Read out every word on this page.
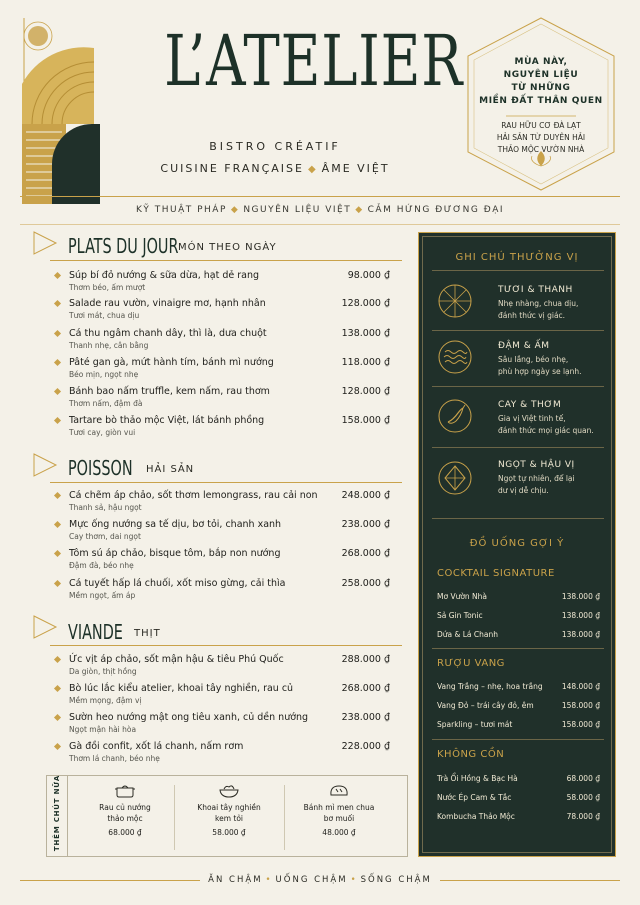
L’ATELIER
BISTRO CRÉATIF
CUISINE FRANÇAISE ◆ ÂME VIỆT
MÙA NÀY,
NGUYÊN LIỆU
TỪ NHỮNG
MIỀN ĐẤT THÂN QUEN
RAU HỮU CƠ ĐÀ LẠT
HẢI SẢN TỪ DUYÊN HẢI
THẢO MỘC VƯỜN NHÀ
KỸ THUẬT PHÁP ◆ NGUYÊN LIỆU VIỆT ◆ CẢM HỨNG ĐƯƠNG ĐẠI
PLATS DU JOUR MÓN THEO NGÀY
Súp bí đỏ nướng & sữa dừa, hạt dẻ rang
Thơm béo, ấm mượt
98.000 ₫
Salade rau vườn, vinaigre mơ, hạnh nhân
Tươi mát, chua dịu
128.000 ₫
Cá thu ngâm chanh dây, thì là, dưa chuột
Thanh nhẹ, cân bằng
138.000 ₫
Pâté gan gà, mứt hành tím, bánh mì nướng
Béo mịn, ngọt nhẹ
118.000 ₫
Bánh bao nấm truffle, kem nấm, rau thơm
Thơm nấm, đậm đà
128.000 ₫
Tartare bò thảo mộc Việt, lát bánh phồng
Tươi cay, giòn vui
158.000 ₫
POISSON HẢI SẢN
Cá chẽm áp chảo, sốt thơm lemongrass, rau cải non
Thanh sả, hậu ngọt
248.000 ₫
Mực ống nướng sa tế dịu, bơ tỏi, chanh xanh
Cay thơm, dai ngọt
238.000 ₫
Tôm sú áp chảo, bisque tôm, bắp non nướng
Đậm đà, béo nhẹ
268.000 ₫
Cá tuyết hấp lá chuối, xốt miso gừng, cải thìa
Mềm ngọt, ấm áp
258.000 ₫
VIANDE THỊT
Ức vịt áp chảo, sốt mận hậu & tiêu Phú Quốc
Da giòn, thịt hồng
288.000 ₫
Bò lúc lắc kiểu atelier, khoai tây nghiền, rau củ
Mềm mọng, đậm vị
268.000 ₫
Sườn heo nướng mật ong tiêu xanh, củ dền nướng
Ngọt mận hài hòa
238.000 ₫
Gà đồi confit, xốt lá chanh, nấm rơm
Thơm lá chanh, béo nhẹ
228.000 ₫
THÊM CHÚT NỮA	Rau củ nướng
thảo mộc
68.000 ₫
Khoai tây nghiền
kem tỏi
58.000 ₫
Bánh mì men chua
bơ muối
48.000 ₫
ĂN CHẬM • UỐNG CHẬM • SỐNG CHẬM
GHI CHÚ THƯỞNG VỊ
TƯƠI & THANH
Nhẹ nhàng, chua dịu,
đánh thức vị giác.
ĐẬM & ẤM
Sâu lắng, béo nhẹ,
phù hợp ngày se lạnh.
CAY & THƠM
Gia vị Việt tinh tế,
đánh thức mọi giác quan.
NGỌT & HẬU VỊ
Ngọt tự nhiên, để lại
dư vị dễ chịu.
ĐỒ UỐNG GỢI Ý
COCKTAIL SIGNATURE
Mơ Vườn Nhà	138.000 ₫
Sả Gin Tonic	138.000 ₫
Dứa & Lá Chanh	138.000 ₫
RƯỢU VANG
Vang Trắng – nhẹ, hoa trắng	148.000 ₫
Vang Đỏ – trái cây đỏ, êm	158.000 ₫
Sparkling – tươi mát	158.000 ₫
KHÔNG CỒN
Trà Ổi Hồng & Bạc Hà	68.000 ₫
Nước Ép Cam & Tắc	58.000 ₫
Kombucha Thảo Mộc	78.000 ₫
